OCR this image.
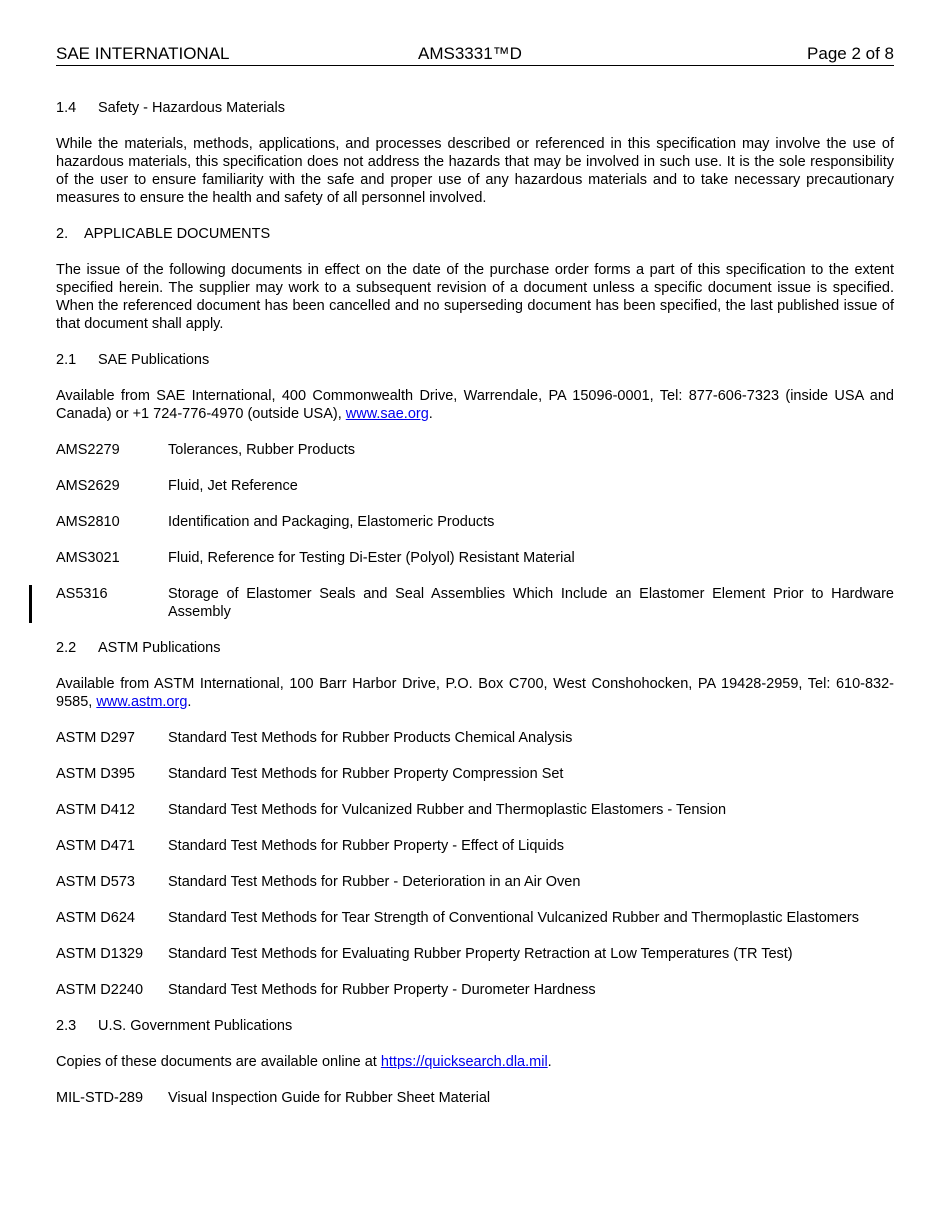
SAE INTERNATIONAL	AMS3331™D	Page 2 of 8
1.4 Safety - Hazardous Materials

While the materials, methods, applications, and processes described or referenced in this specification may involve the use of hazardous materials, this specification does not address the hazards that may be involved in such use. It is the sole responsibility of the user to ensure familiarity with the safe and proper use of any hazardous materials and to take necessary precautionary measures to ensure the health and safety of all personnel involved.

2. APPLICABLE DOCUMENTS

The issue of the following documents in effect on the date of the purchase order forms a part of this specification to the extent specified herein. The supplier may work to a subsequent revision of a document unless a specific document issue is specified. When the referenced document has been cancelled and no superseding document has been specified, the last published issue of that document shall apply.

2.1 SAE Publications

Available from SAE International, 400 Commonwealth Drive, Warrendale, PA 15096-0001, Tel: 877-606-7323 (inside USA and Canada) or +1 724-776-4970 (outside USA), www.sae.org.

AMS2279	Tolerances, Rubber Products
AMS2629	Fluid, Jet Reference
AMS2810	Identification and Packaging, Elastomeric Products
AMS3021	Fluid, Reference for Testing Di-Ester (Polyol) Resistant Material
AS5316	Storage of Elastomer Seals and Seal Assemblies Which Include an Elastomer Element Prior to Hardware Assembly
2.2 ASTM Publications

Available from ASTM International, 100 Barr Harbor Drive, P.O. Box C700, West Conshohocken, PA 19428-2959, Tel: 610-832-9585, www.astm.org.

ASTM D297	Standard Test Methods for Rubber Products Chemical Analysis
ASTM D395	Standard Test Methods for Rubber Property Compression Set
ASTM D412	Standard Test Methods for Vulcanized Rubber and Thermoplastic Elastomers - Tension
ASTM D471	Standard Test Methods for Rubber Property - Effect of Liquids
ASTM D573	Standard Test Methods for Rubber - Deterioration in an Air Oven
ASTM D624	Standard Test Methods for Tear Strength of Conventional Vulcanized Rubber and Thermoplastic Elastomers
ASTM D1329	Standard Test Methods for Evaluating Rubber Property Retraction at Low Temperatures (TR Test)
ASTM D2240	Standard Test Methods for Rubber Property - Durometer Hardness
2.3 U.S. Government Publications

Copies of these documents are available online at https://quicksearch.dla.mil.

MIL-STD-289	Visual Inspection Guide for Rubber Sheet Material
